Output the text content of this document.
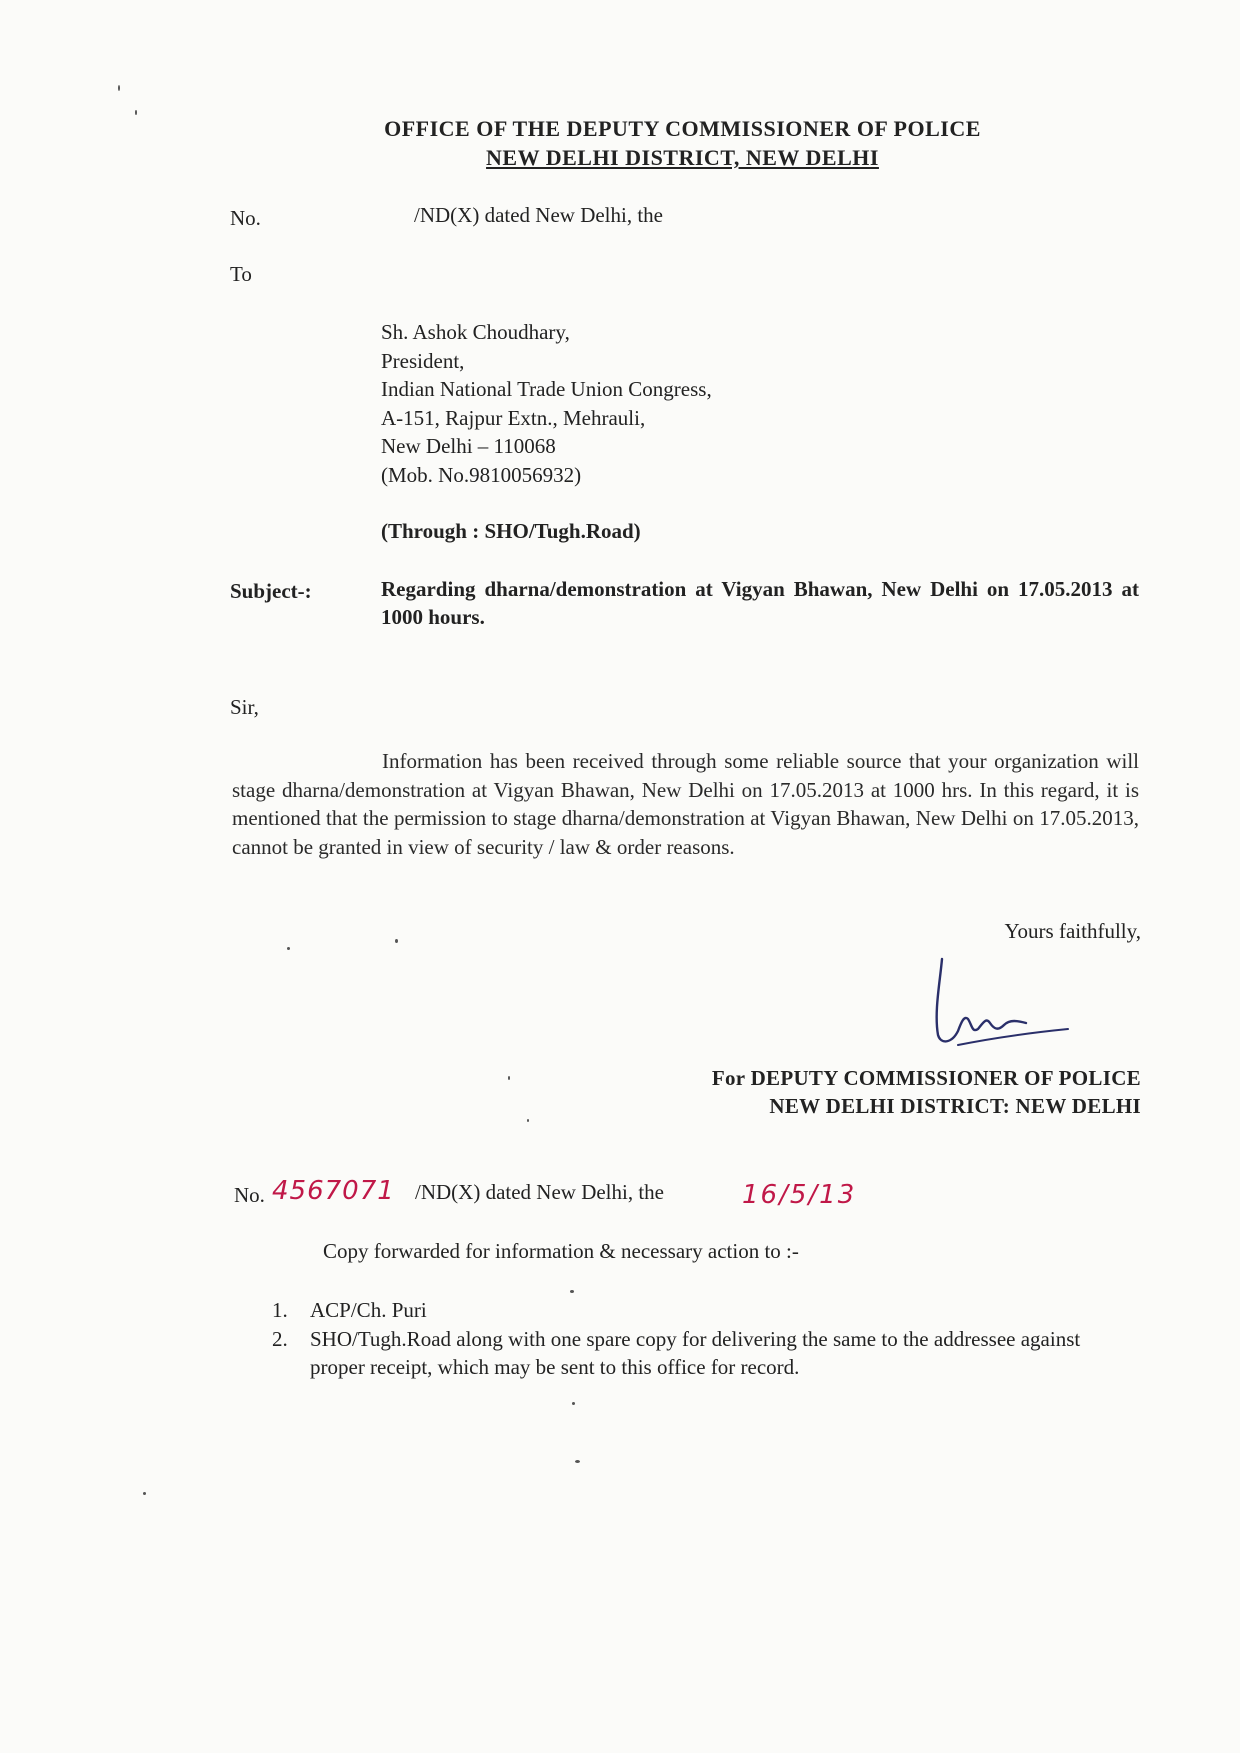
OFFICE OF THE DEPUTY COMMISSIONER OF POLICE
NEW DELHI DISTRICT, NEW DELHI
No.	/ND(X) dated New Delhi, the
To
Sh. Ashok Choudhary,
President,
Indian National Trade Union Congress,
A-151, Rajpur Extn., Mehrauli,
New Delhi – 110068
(Mob. No.9810056932)
(Through : SHO/Tugh.Road)
Subject-:	Regarding dharna/demonstration at Vigyan Bhawan, New Delhi on 17.05.2013 at 1000 hours.
Sir,
Information has been received through some reliable source that your organization will stage dharna/demonstration at Vigyan Bhawan, New Delhi on 17.05.2013 at 1000 hrs. In this regard, it is mentioned that the permission to stage dharna/demonstration at Vigyan Bhawan, New Delhi on 17.05.2013, cannot be granted in view of security / law & order reasons.
Yours faithfully,
For DEPUTY COMMISSIONER OF POLICE
NEW DELHI DISTRICT: NEW DELHI
No. 4567071 /ND(X) dated New Delhi, the	16/5/13
Copy forwarded for information & necessary action to :-
1.	ACP/Ch. Puri
2.	SHO/Tugh.Road along with one spare copy for delivering the same to the addressee against proper receipt, which may be sent to this office for record.
